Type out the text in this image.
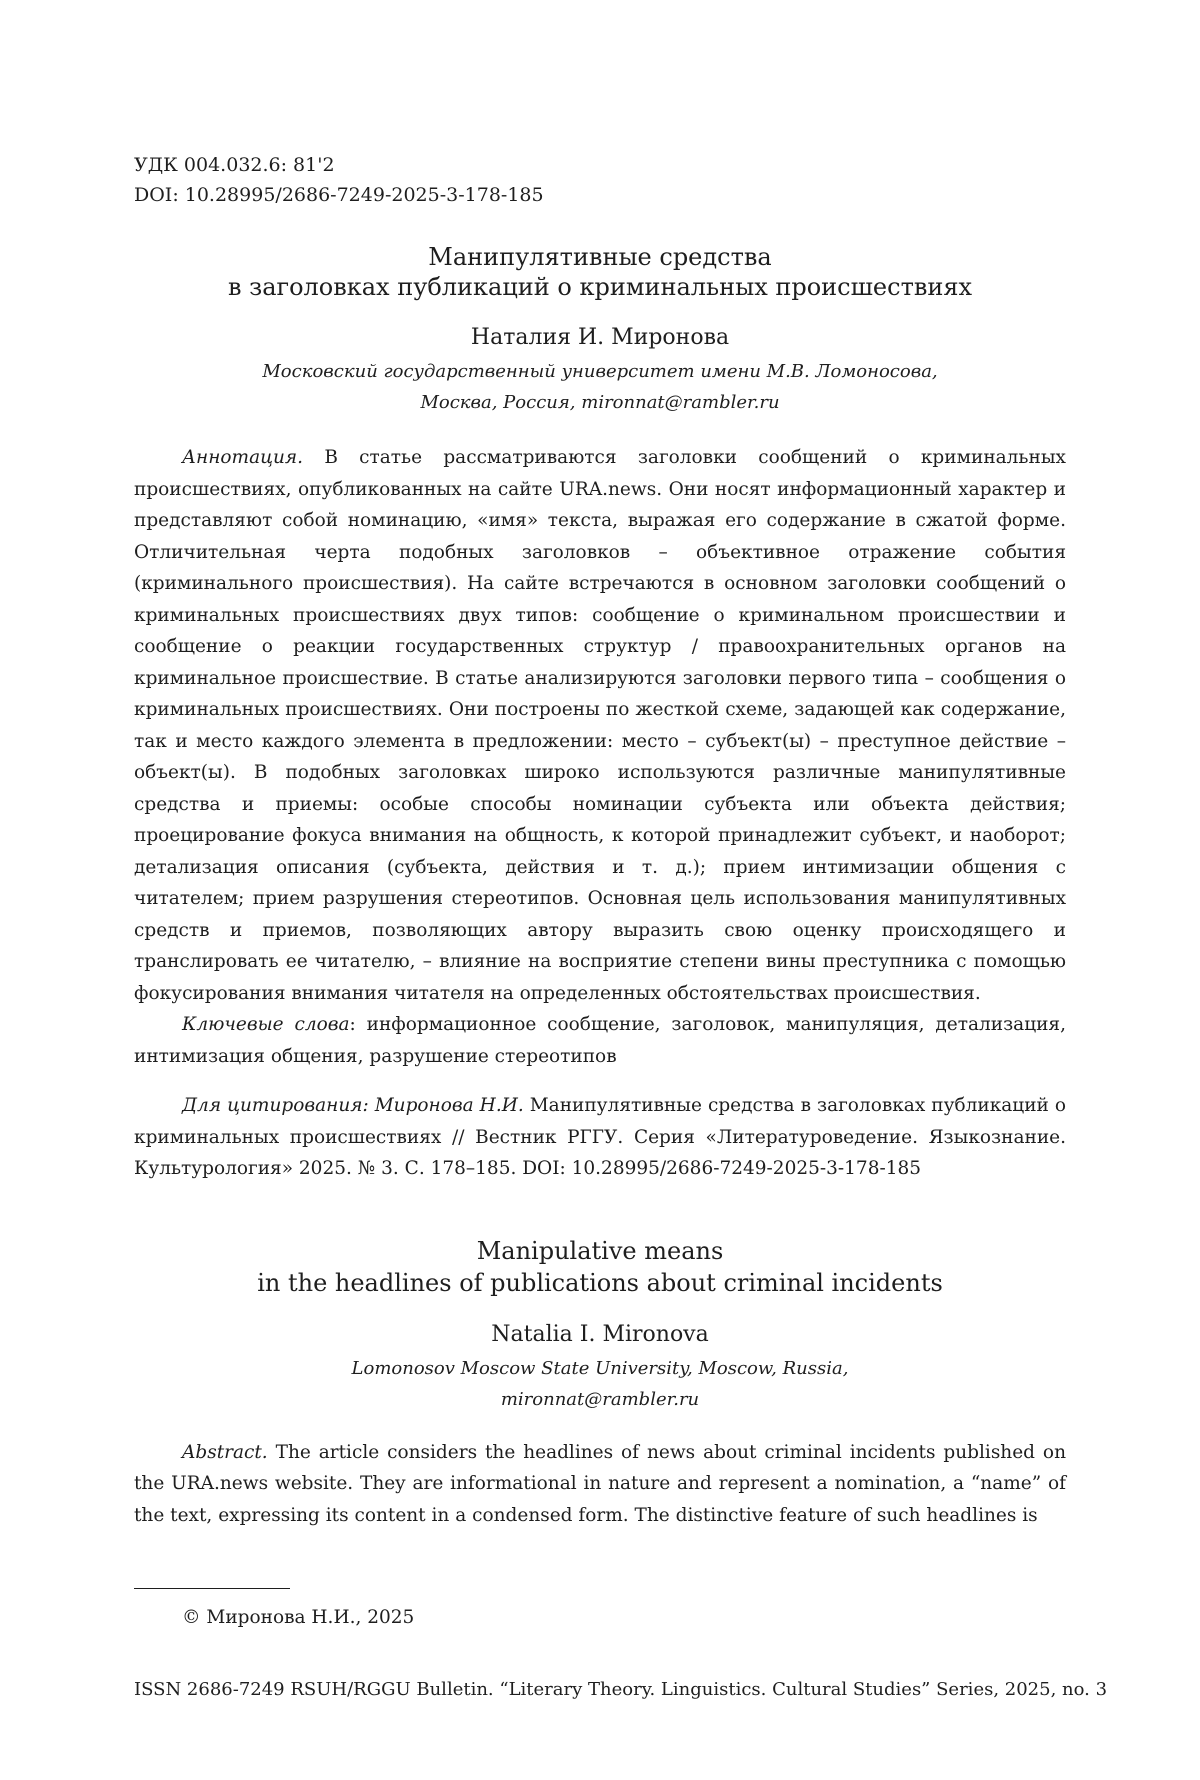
УДК 004.032.6: 81'2
DOI: 10.28995/2686-7249-2025-3-178-185
Манипулятивные средства
в заголовках публикаций о криминальных происшествиях
Наталия И. Миронова
Московский государственный университет имени М.В. Ломоносова,
Москва, Россия, mironnat@rambler.ru

Аннотация. В статье рассматриваются заголовки сообщений о криминальных происшествиях, опубликованных на сайте URA.news. Они носят информационный характер и представляют собой номинацию, «имя» текста, выражая его содержание в сжатой форме. Отличительная черта подобных заголовков – объективное отражение события (криминального происшествия). На сайте встречаются в основном заголовки сообщений о криминальных происшествиях двух типов: сообщение о криминальном происшествии и сообщение о реакции государственных структур / правоохранительных органов на криминальное происшествие. В статье анализируются заголовки первого типа – сообщения о криминальных происшествиях. Они построены по жесткой схеме, задающей как содержание, так и место каждого элемента в предложении: место – субъект(ы) – преступное действие – объект(ы). В подобных заголовках широко используются различные манипулятивные средства и приемы: особые способы номинации субъекта или объекта действия; проецирование фокуса внимания на общность, к которой принадлежит субъект, и наоборот; детализация описания (субъекта, действия и т. д.); прием интимизации общения с читателем; прием разрушения стереотипов. Основная цель использования манипулятивных средств и приемов, позволяющих автору выразить свою оценку происходящего и транслировать ее читателю, – влияние на восприятие степени вины преступника с помощью фокусирования внимания читателя на определенных обстоятельствах происшествия.

Ключевые слова: информационное сообщение, заголовок, манипуляция, детализация, интимизация общения, разрушение стереотипов

Для цитирования: Миронова Н.И. Манипулятивные средства в заголовках публикаций о криминальных происшествиях // Вестник РГГУ. Серия «Литературоведение. Языкознание. Культурология» 2025. № 3. С. 178–185. DOI: 10.28995/2686-7249-2025-3-178-185

Manipulative means
in the headlines of publications about criminal incidents
Natalia I. Mironova
Lomonosov Moscow State University, Moscow, Russia,
mironnat@rambler.ru

Abstract. The article considers the headlines of news about criminal incidents published on the URA.news website. They are informational in nature and represent a nomination, a “name” of the text, expressing its content in a condensed form. The distinctive feature of such headlines is

© Миронова Н.И., 2025
ISSN 2686-7249 RSUH/RGGU Bulletin. “Literary Theory. Linguistics. Cultural Studies” Series, 2025, no. 3
